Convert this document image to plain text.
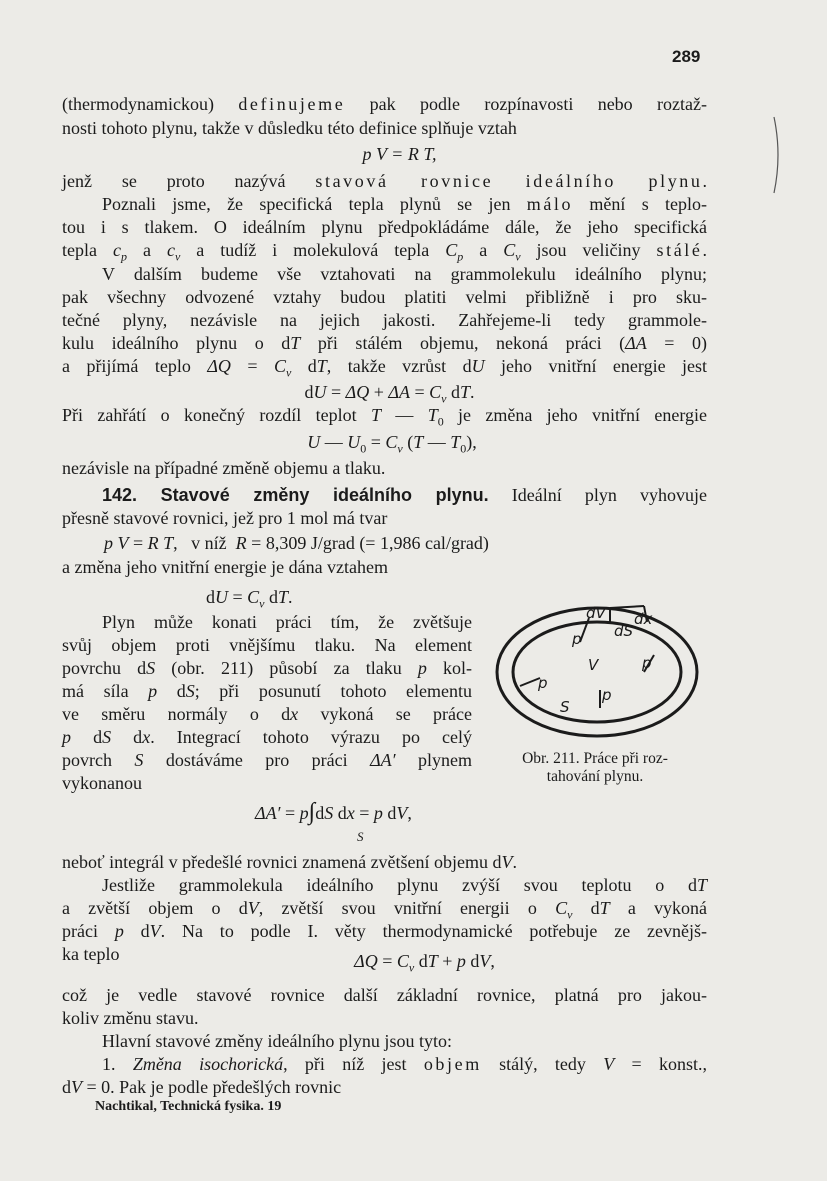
289
(thermodynamickou) definujeme pak podle rozpínavosti nebo roztaž-
nosti tohoto plynu, takže v důsledku této definice splňuje vztah
p V = R T,
jenž se proto nazývá stavová rovnice ideálního plynu.
Poznali jsme, že specifická tepla plynů se jen málo mění s teplo-
tou i s tlakem. O ideálním plynu předpokládáme dále, že jeho specifická
tepla $c_p$ a $c_v$ a tudíž i molekulová tepla $C_p$ a $C_v$ jsou veličiny stálé.
V dalším budeme vše vztahovati na grammolekulu ideálního plynu;
pak všechny odvozené vztahy budou platiti velmi přibližně i pro sku-
tečné plyny, nezávisle na jejich jakosti. Zahřejeme-li tedy grammole-
kulu ideálního plynu o dT při stálém objemu, nekoná práci (ΔA = 0)
a přijímá teplo $\Delta Q = C_v$ dT, takže vzrůst dU jeho vnitřní energie jest
dU = $\Delta Q + \Delta A = C_v$ dT.
Při zahřátí o konečný rozdíl teplot T — $T_0$ je změna jeho vnitřní energie
U — $U_0 = C_v$ (T — $T_0$),
nezávisle na případné změně objemu a tlaku.
142. Stavové změny ideálního plynu. Ideální plyn vyhovuje
přesně stavové rovnici, jež pro 1 mol má tvar
p V = R T,   v níž  R = 8,309 J/grad (= 1,986 cal/grad)
a změna jeho vnitřní energie je dána vztahem
dU = $C_v$ dT.
Plyn může konati práci tím, že zvětšuje
svůj objem proti vnějšímu tlaku. Na element
povrchu dS (obr. 211) působí za tlaku p kol-
má síla p dS; při posunutí tohoto elementu
ve směru normály o dx vykoná se práce
p dS dx. Integrací tohoto výrazu po celý
povrch S dostáváme pro práci ΔA′ plynem
vykonanou
Obr. 211. Práce při roz-
tahování plynu.
ΔA′ = p∫dS dx = p dV,
S
neboť integrál v předešlé rovnici znamená zvětšení objemu dV.
Jestliže grammolekula ideálního plynu zvýší svou teplotu o dT
a zvětší objem o dV, zvětší svou vnitřní energii o $C_v$ dT a vykoná
práci p dV. Na to podle I. věty thermodynamické potřebuje ze zevnějš-
ka teplo	$\Delta Q = C_v$ dT + p dV,
což je vedle stavové rovnice další základní rovnice, platná pro jakou-
koliv změnu stavu.
Hlavní stavové změny ideálního plynu jsou tyto:
1. Změna isochorická, při níž jest objem stálý, tedy V = konst.,
dV = 0. Pak je podle předešlých rovnic
Nachtikal, Technická fysika. 19
dV dx
dS
p
V	p
p
S
p
